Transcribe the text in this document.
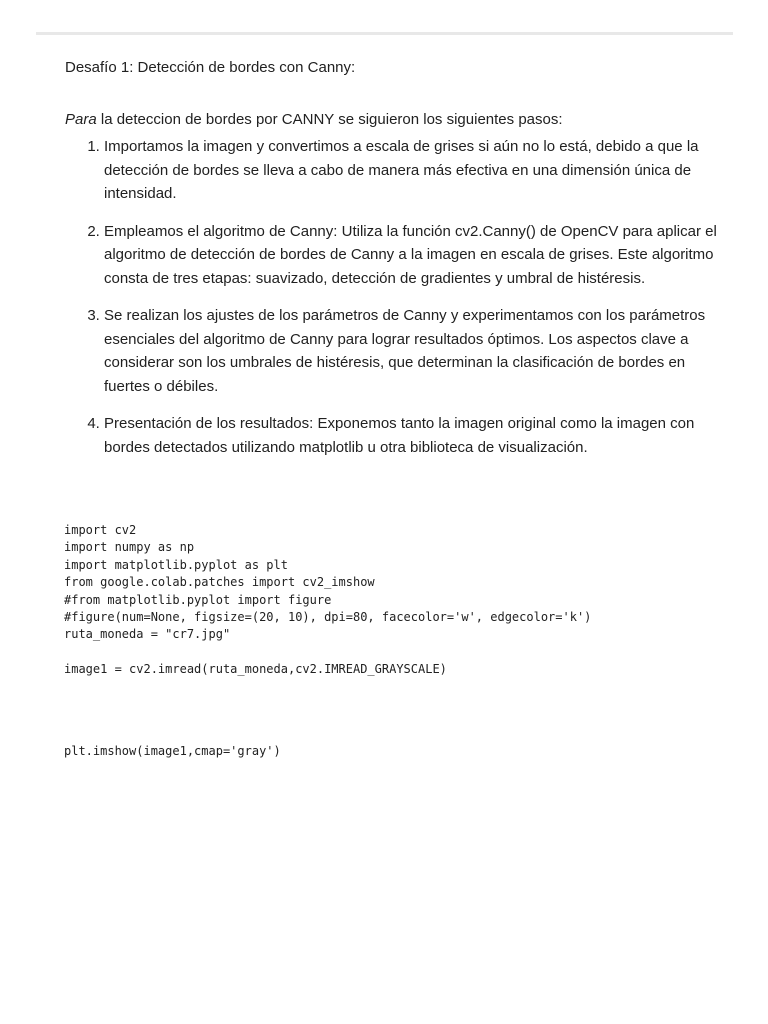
Desafío 1: Detección de bordes con Canny:

Para la deteccion de bordes por CANNY se siguieron los siguientes pasos:

1. Importamos la imagen y convertimos a escala de grises si aún no lo está, debido a que la detección de bordes se lleva a cabo de manera más efectiva en una dimensión única de intensidad.
2. Empleamos el algoritmo de Canny: Utiliza la función cv2.Canny() de OpenCV para aplicar el algoritmo de detección de bordes de Canny a la imagen en escala de grises. Este algoritmo consta de tres etapas: suavizado, detección de gradientes y umbral de histéresis.
3. Se realizan los ajustes de los parámetros de Canny y experimentamos con los parámetros esenciales del algoritmo de Canny para lograr resultados óptimos. Los aspectos clave a considerar son los umbrales de histéresis, que determinan la clasificación de bordes en fuertes o débiles.
4. Presentación de los resultados: Exponemos tanto la imagen original como la imagen con bordes detectados utilizando matplotlib u otra biblioteca de visualización.
import cv2
import numpy as np
import matplotlib.pyplot as plt
from google.colab.patches import cv2_imshow
#from matplotlib.pyplot import figure
#figure(num=None, figsize=(20, 10), dpi=80, facecolor='w', edgecolor='k')
ruta_moneda = "cr7.jpg"
image1 = cv2.imread(ruta_moneda,cv2.IMREAD_GRAYSCALE)
plt.imshow(image1,cmap='gray')
